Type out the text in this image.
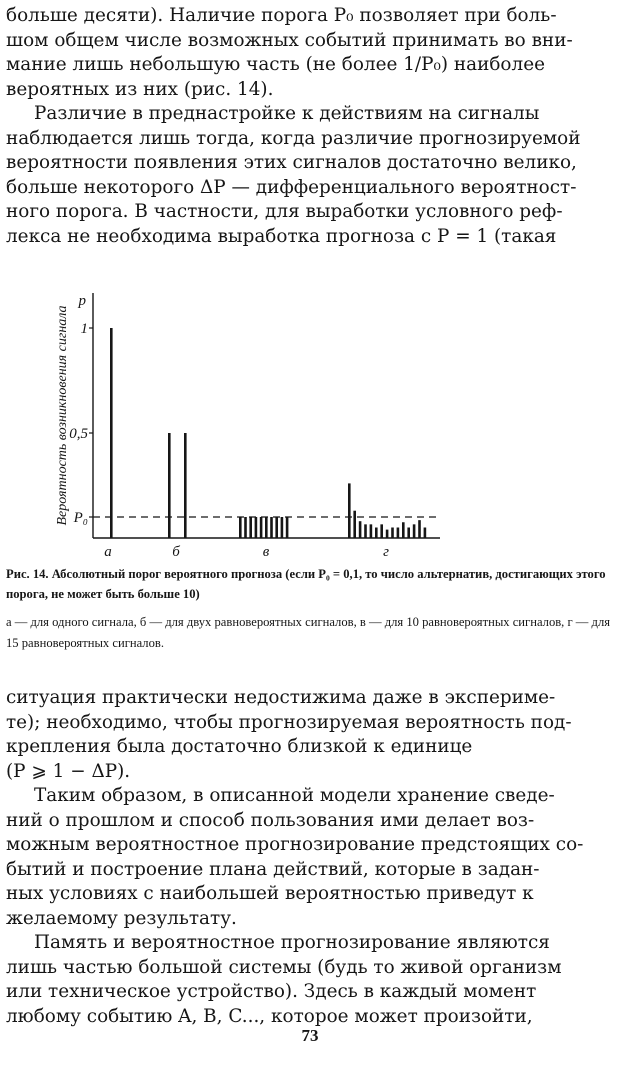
больше десяти). Наличие порога P₀ позволяет при боль-
шом общем числе возможных событий принимать во вни-
мание лишь небольшую часть (не более 1/P₀) наиболее
вероятных из них (рис. 14).

Различие в преднастройке к действиям на сигналы
наблюдается лишь тогда, когда различие прогнозируемой
вероятности появления этих сигналов достаточно велико,
больше некоторого ΔP — дифференциального вероятност-
ного порога. В частности, для выработки условного реф-
лекса не необходима выработка прогноза с P = 1 (такая

Вероятность возникновения сигнала
p
1
0,5
P₀
а	б	в	г

Рис. 14. Абсолютный порог вероятного прогноза (если P₀ = 0,1, то число альтернатив, достигающих этого порога, не может быть больше 10)

а — для одного сигнала, б — для двух равновероятных сигналов, в — для 10 равновероятных сигналов, г — для 15 равновероятных сигналов.

ситуация практически недостижима даже в экспериме-
те); необходимо, чтобы прогнозируемая вероятность под-
крепления была достаточно близкой к единице
(P ⩾ 1 − ΔP).

Таким образом, в описанной модели хранение сведе-
ний о прошлом и способ пользования ими делает воз-
можным вероятностное прогнозирование предстоящих со-
бытий и построение плана действий, которые в задан-
ных условиях с наибольшей вероятностью приведут к
желаемому результату.

Память и вероятностное прогнозирование являются
лишь частью большой системы (будь то живой организм
или техническое устройство). Здесь в каждый момент
любому событию A, B, C..., которое может произойти,

73
